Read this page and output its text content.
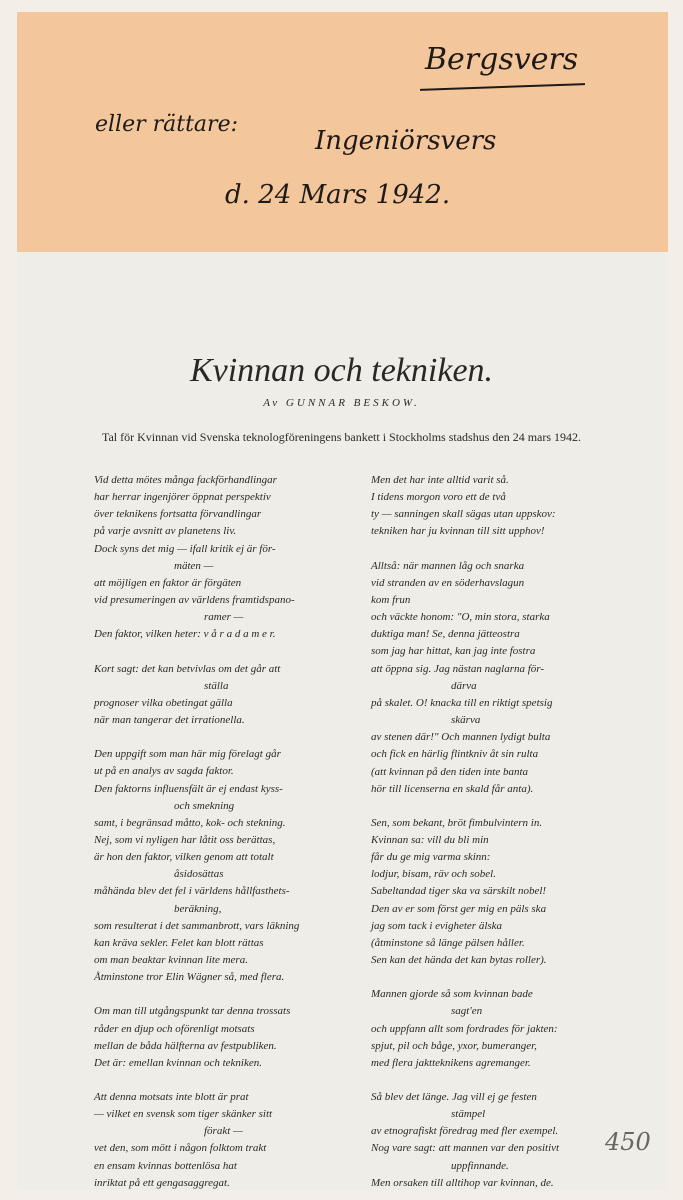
Bergsvers
eller rättare:
Ingeniörsvers
d. 24 Mars 1942.
Kvinnan och tekniken.
Av GUNNAR BESKOW.
Tal för Kvinnan vid Svenska teknologföreningens bankett i Stockholms stadshus den 24 mars 1942.
Vid detta mötes många fackförhandlingar
har herrar ingenjörer öppnat perspektiv
över teknikens fortsatta förvandlingar
på varje avsnitt av planetens liv.
Dock syns det mig — ifall kritik ej är för-
mäten —
att möjligen en faktor är förgäten
vid presumeringen av världens framtidspano-
ramer —
Den faktor, vilken heter: v å r a d a m e r.
Kort sagt: det kan betvivlas om det går att
ställa
prognoser vilka obetingat gälla
när man tangerar det irrationella.
Den uppgift som man här mig förelagt går
ut på en analys av sagda faktor.
Den faktorns influensfält är ej endast kyss-
och smekning
samt, i begränsad måtto, kok- och stekning.
Nej, som vi nyligen har låtit oss berättas,
är hon den faktor, vilken genom att totalt
åsidosättas
måhända blev det fel i världens hållfasthets-
beräkning,
som resulterat i det sammanbrott, vars läkning
kan kräva sekler. Felet kan blott rättas
om man beaktar kvinnan lite mera.
Åtminstone tror Elin Wägner så, med flera.
Om man till utgångspunkt tar denna trossats
råder en djup och oförenligt motsats
mellan de båda hälfterna av festpubliken.
Det är: emellan kvinnan och tekniken.
Att denna motsats inte blott är prat
— vilket en svensk som tiger skänker sitt
förakt —
vet den, som mött i någon folktom trakt
en ensam kvinnas bottenlösa hat
inriktat på ett gengasaggregat.
Men det har inte alltid varit så.
I tidens morgon voro ett de två
ty — sanningen skall sägas utan uppskov:
tekniken har ju kvinnan till sitt upphov!
Alltså: när mannen låg och snarka
vid stranden av en söderhavslagun
kom frun
och väckte honom: "O, min stora, starka
duktiga man! Se, denna jätteostra
som jag har hittat, kan jag inte fostra
att öppna sig. Jag nästan naglarna för-
därva
på skalet. O! knacka till en riktigt spetsig
skärva
av stenen där!" Och mannen lydigt bulta
och fick en härlig flintkniv åt sin rulta
(att kvinnan på den tiden inte banta
hör till licenserna en skald får anta).
Sen, som bekant, bröt fimbulvintern in.
Kvinnan sa: vill du bli min
får du ge mig varma skinn:
lodjur, bisam, räv och sobel.
Sabeltandad tiger ska va särskilt nobel!
Den av er som först ger mig en päls ska
jag som tack i evigheter älska
(åtminstone så länge pälsen håller.
Sen kan det hända det kan bytas roller).
Mannen gjorde så som kvinnan bade
sagt'en
och uppfann allt som fordrades för jakten:
spjut, pil och båge, yxor, bumeranger,
med flera jaktteknikens agremanger.
Så blev det länge. Jag vill ej ge festen
stämpel
av etnografiskt föredrag med fler exempel.
Nog vare sagt: att mannen var den positivt
uppfinnande.
Men orsaken till alltihop var kvinnan, de.
450
